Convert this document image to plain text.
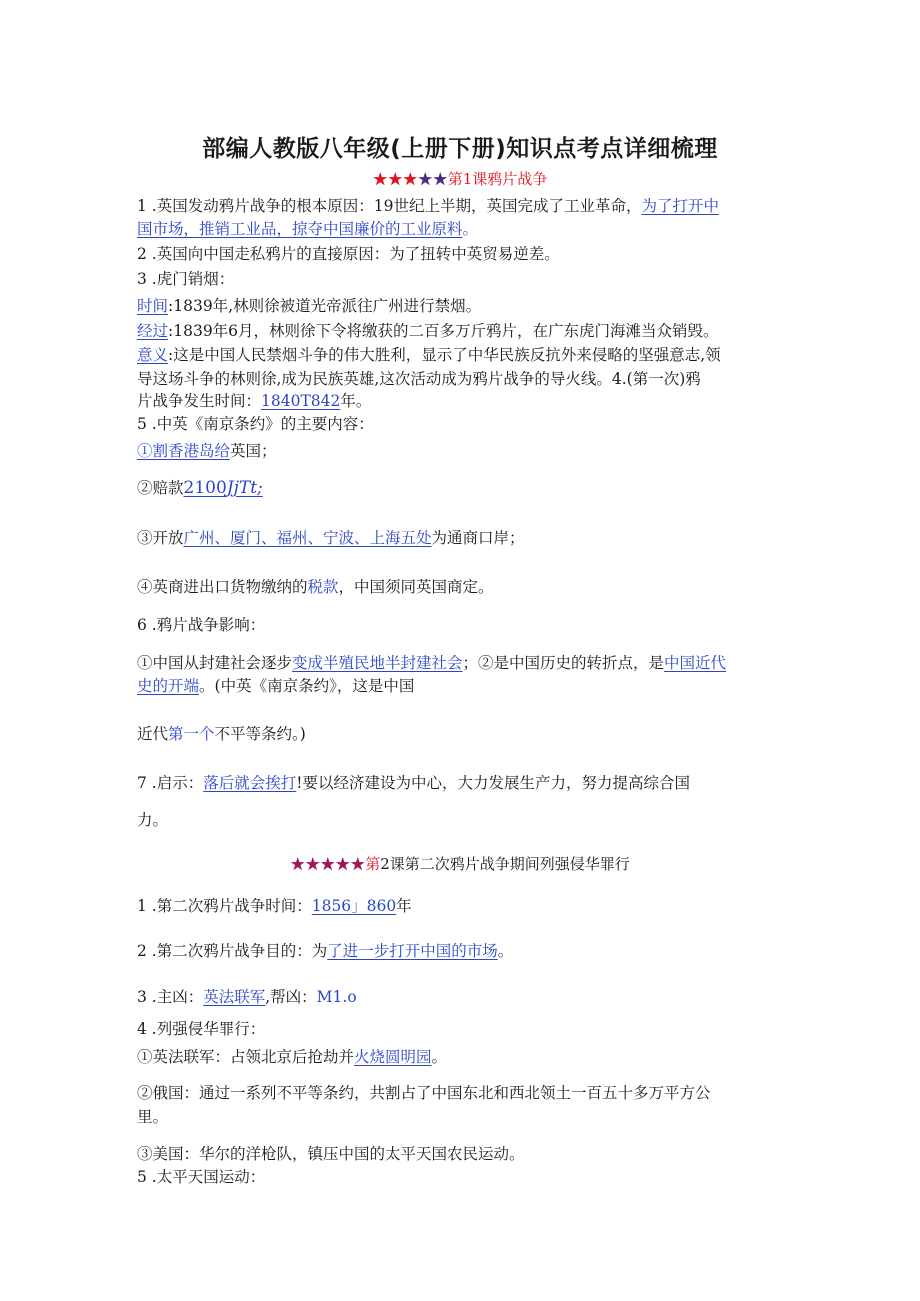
部编人教版八年级(上册下册)知识点考点详细梳理
★★★★★第1课鸦片战争
1 .英国发动鸦片战争的根本原因：19世纪上半期，英国完成了工业革命，为了打开中
国市场，推销工业品，掠夺中国廉价的工业原料。
2 .英国向中国走私鸦片的直接原因：为了扭转中英贸易逆差。
3 .虎门销烟：
时间:1839年,林则徐被道光帝派往广州进行禁烟。
经过:1839年6月，林则徐下令将缴获的二百多万斤鸦片，在广东虎门海滩当众销毁。
意义:这是中国人民禁烟斗争的伟大胜利，显示了中华民族反抗外来侵略的坚强意志,领
导这场斗争的林则徐,成为民族英雄,这次活动成为鸦片战争的导火线。4.(第一次)鸦
片战争发生时间：1840T842年。
5 .中英《南京条约》的主要内容：
①割香港岛给英国；
②赔款2100JjTt;
③开放广州、厦门、福州、宁波、上海五处为通商口岸；
④英商进出口货物缴纳的税款，中国须同英国商定。
6 .鸦片战争影响：
①中国从封建社会逐步变成半殖民地半封建社会；②是中国历史的转折点，是中国近代
史的开端。(中英《南京条约》，这是中国
近代第一个不平等条约。)
7 .启示：落后就会挨打!要以经济建设为中心，大力发展生产力，努力提高综合国
力。
★★★★★第2课第二次鸦片战争期间列强侵华罪行
1 .第二次鸦片战争时间：1856」860年
2 .第二次鸦片战争目的：为了进一步打开中国的市场。
3 .主凶：英法联军,帮凶：M1.o
4 .列强侵华罪行：
①英法联军：占领北京后抢劫并火烧圆明园。
②俄国：通过一系列不平等条约，共割占了中国东北和西北领土一百五十多万平方公
里。
③美国：华尔的洋枪队，镇压中国的太平天国农民运动。
5 .太平天国运动：
